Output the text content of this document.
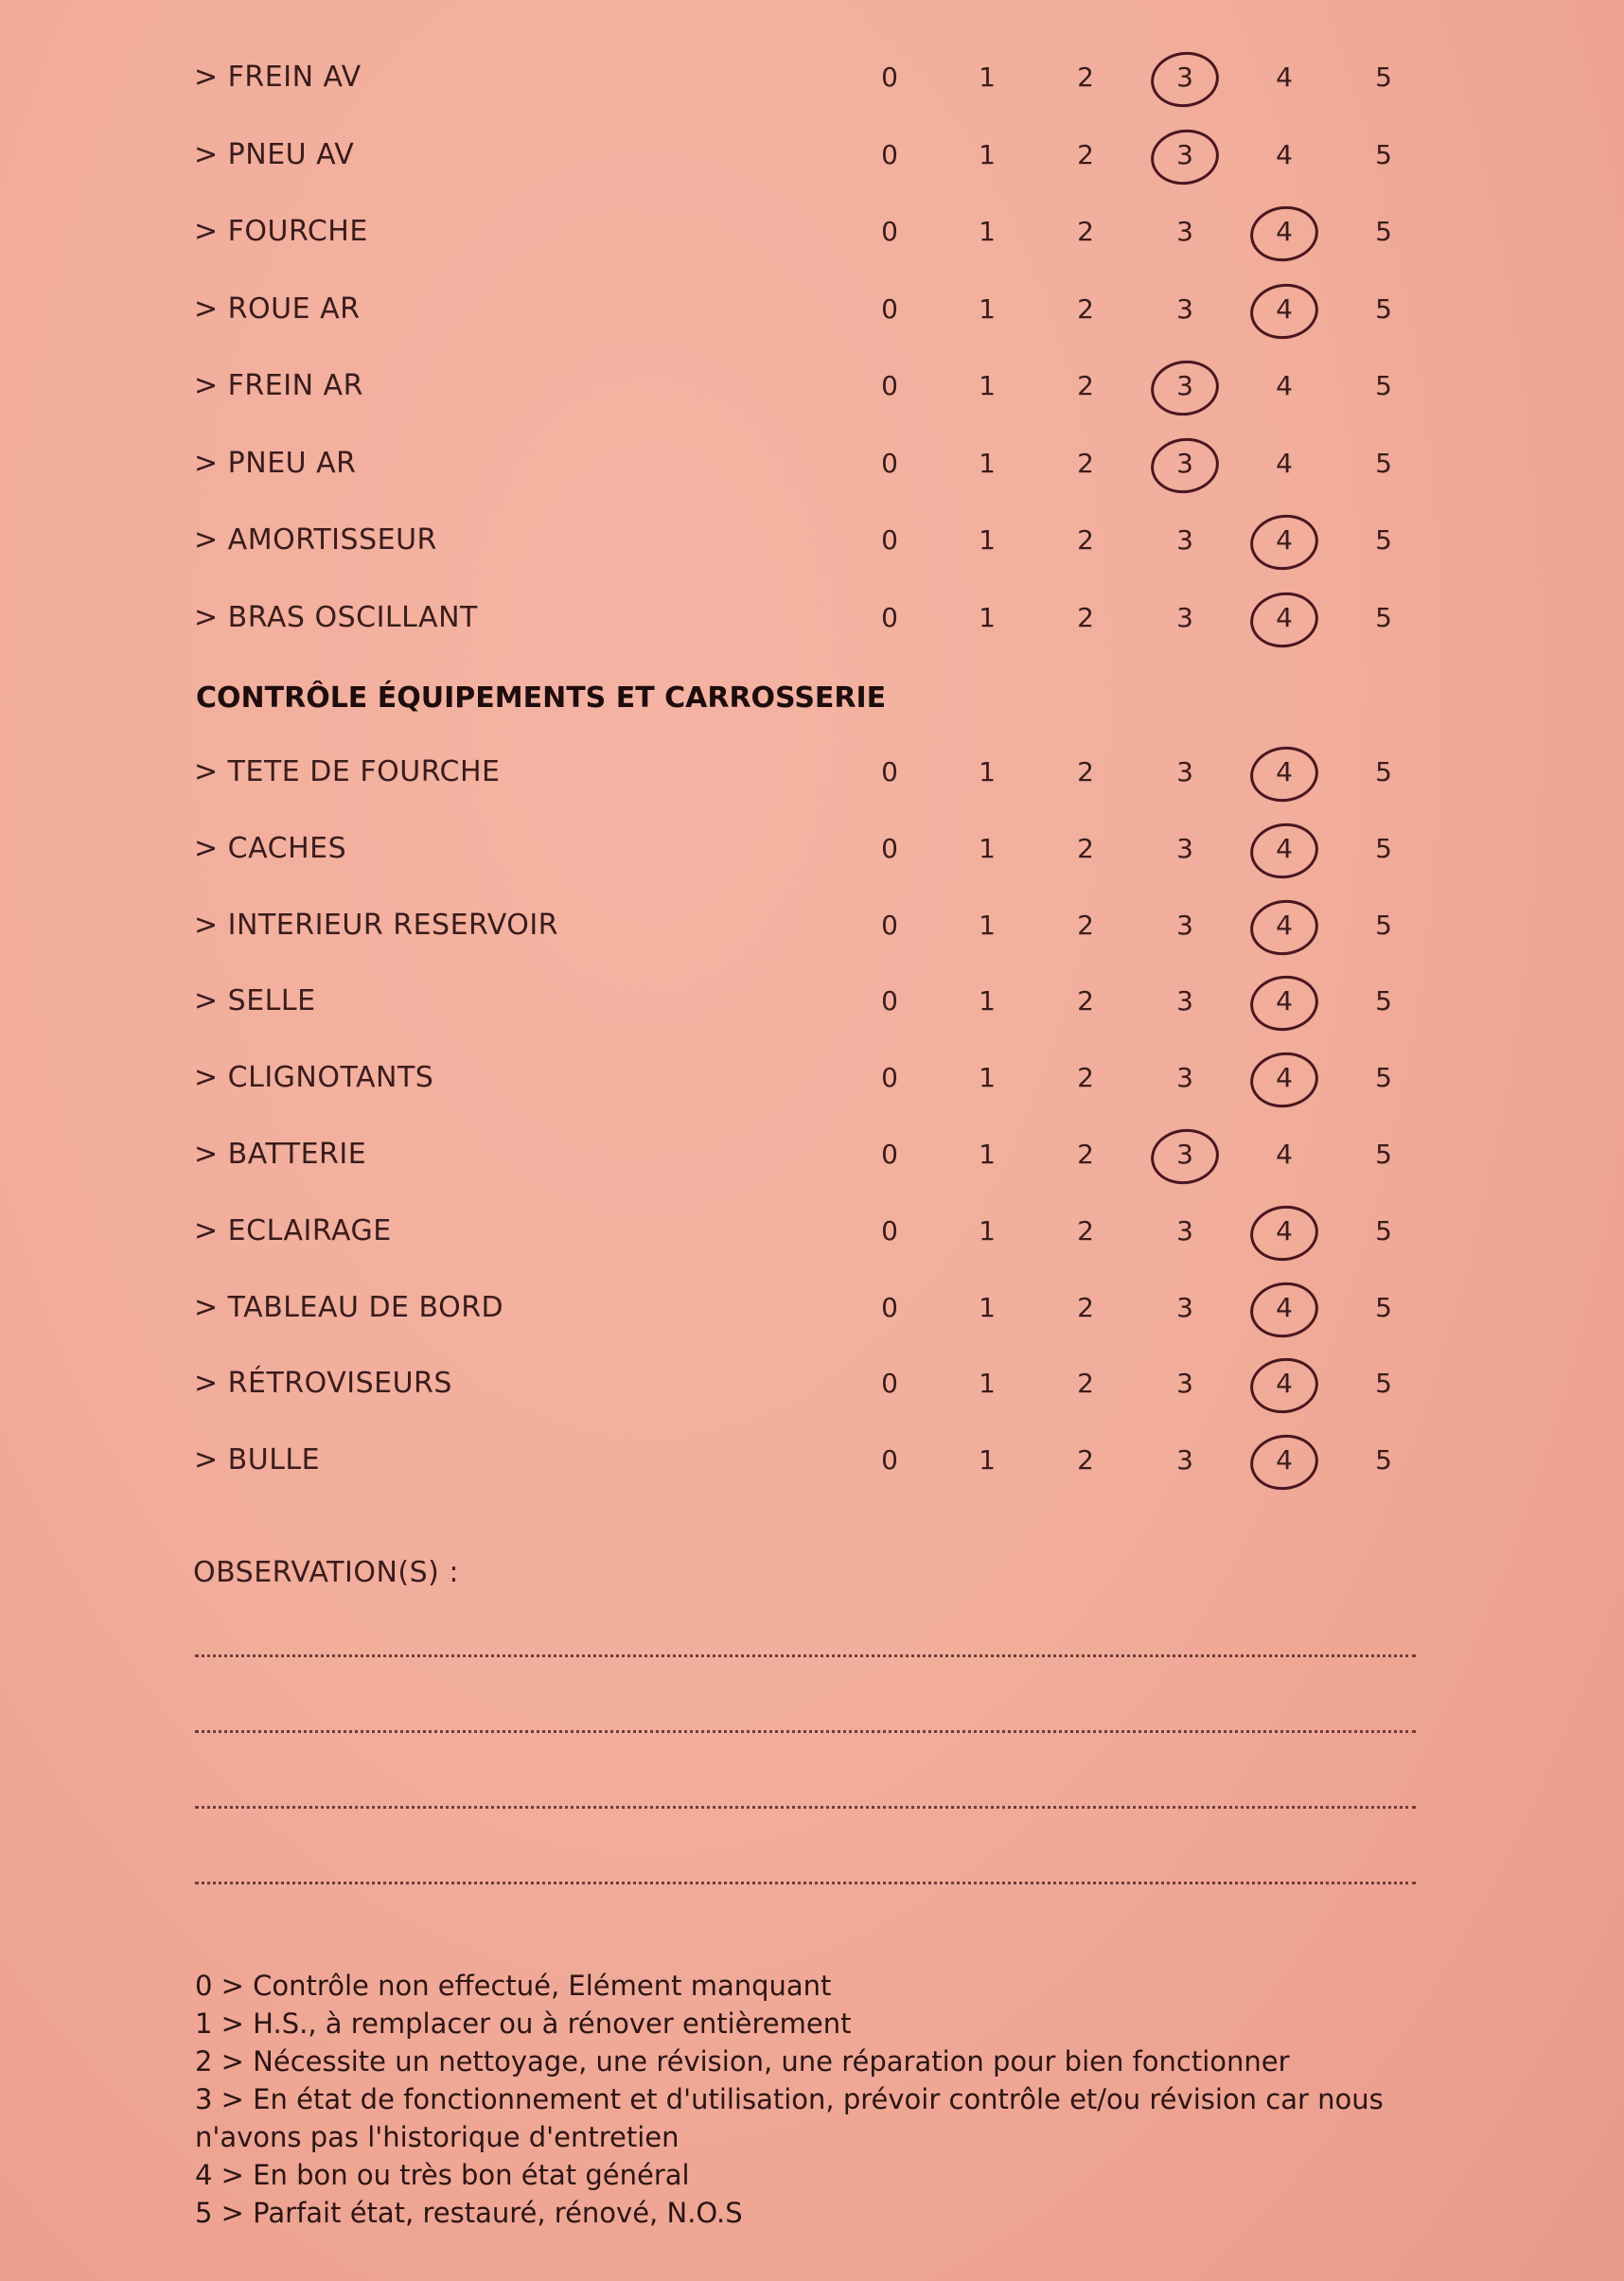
> FREIN AV	0	1	2	3	4	5
> PNEU AV	0	1	2	3	4	5
> FOURCHE	0	1	2	3	4	5
> ROUE AR	0	1	2	3	4	5
> FREIN AR	0	1	2	3	4	5
> PNEU AR	0	1	2	3	4	5
> AMORTISSEUR	0	1	2	3	4	5
> BRAS OSCILLANT	0	1	2	3	4	5
CONTRÔLE ÉQUIPEMENTS ET CARROSSERIE
> TETE DE FOURCHE	0	1	2	3	4	5
> CACHES	0	1	2	3	4	5
> INTERIEUR RESERVOIR	0	1	2	3	4	5
> SELLE	0	1	2	3	4	5
> CLIGNOTANTS	0	1	2	3	4	5
> BATTERIE	0	1	2	3	4	5
> ECLAIRAGE	0	1	2	3	4	5
> TABLEAU DE BORD	0	1	2	3	4	5
> RÉTROVISEURS	0	1	2	3	4	5
> BULLE	0	1	2	3	4	5
OBSERVATION(S) :

0 > Contrôle non effectué, Elément manquant

1 > H.S., à remplacer ou à rénover entièrement

2 > Nécessite un nettoyage, une révision, une réparation pour bien fonctionner

3 > En état de fonctionnement et d'utilisation, prévoir contrôle et/ou révision car nous n'avons pas l'historique d'entretien

4 > En bon ou très bon état général

5 > Parfait état, restauré, rénové, N.O.S
